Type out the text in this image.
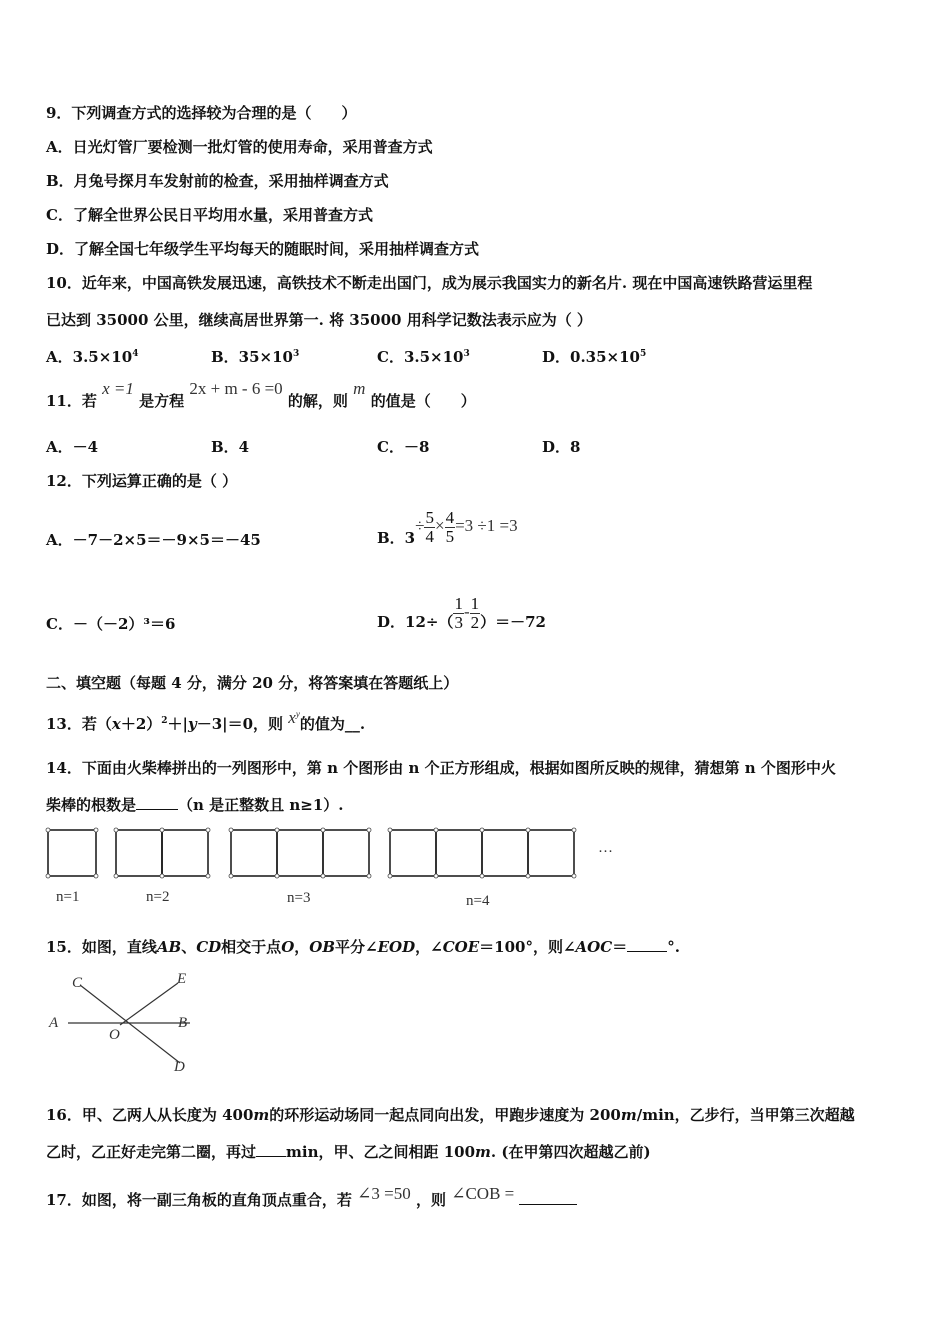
9．下列调查方式的选择较为合理的是（　　）
A．日光灯管厂要检测一批灯管的使用寿命，采用普查方式
B．月兔号探月车发射前的检查，采用抽样调查方式
C．了解全世界公民日平均用水量，采用普查方式
D．了解全国七年级学生平均每天的随眠时间，采用抽样调查方式
10．近年来，中国高铁发展迅速，高铁技术不断走出国门，成为展示我国实力的新名片. 现在中国高速铁路营运里程
已达到 35000 公里，继续高居世界第一. 将 35000 用科学记数法表示应为（ ）
A．$3.5\times 10^4$	B．$35\times 10^3$	C．$3.5\times 10^3$	D．$0.35\times 10^5$
11．若 x =1 是方程 2x + m - 6 =0 的解，则 m 的值是（　　）
A．－4	B．4	C．－8	D．8
12．下列运算正确的是（ ）
A．－7－2×5＝－9×5＝－45	B．$3\div \frac{5}{4} \times \frac{4}{5} =3 \div 1 =3$
C．－（－2）³＝6	D．$12\div( \frac{1}{3} - \frac{1}{2} )=-72$
二、填空题（每题 4 分，满分 20 分，将答案填在答题纸上）
13．若$(x+2)^2+|y-3|=0$，则 $x^y$的值为__.
14．下面由火柴棒拼出的一列图形中，第 n 个图形由 n 个正方形组成，根据如图所反映的规律，猜想第 n 个图形中火
柴棒的根数是	（n 是正整数且 n≥1）.
n=1	n=2	n=3	n=4
···
15．如图，直线AB、CD相交于点O，OB平分∠EOD，∠COE＝100°，则∠AOC＝	°.
C	E
A
O
B
D
16．甲、乙两人从长度为 400m的环形运动场同一起点同向出发，甲跑步速度为 200m/min，乙步行，当甲第三次超越
乙时，乙正好走完第二圈，再过 min，甲、乙之间相距 100m. (在甲第四次超越乙前)
17．如图，将一副三角板的直角顶点重合，若 ∠3 =50 ，则 ∠COB =
